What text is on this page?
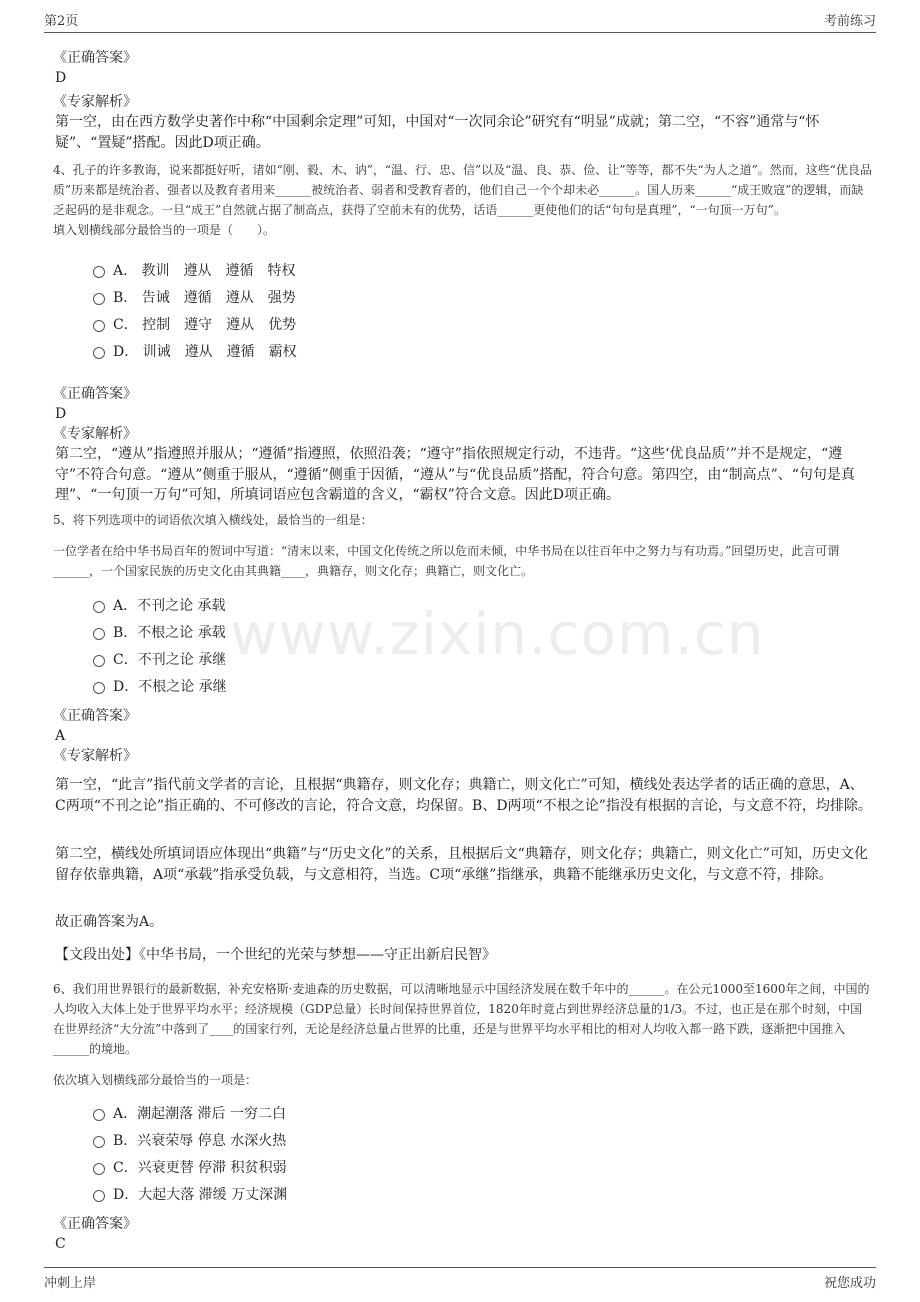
第2页	考前练习
www.zixin.com.cn
《正确答案》
D
《专家解析》
第一空，由在西方数学史著作中称“中国剩余定理”可知，中国对“一次同余论”研究有“明显”成就；第二空，“不容”通常与“怀疑”、“置疑”搭配。因此D项正确。
4、孔子的许多教诲，说来都挺好听，诸如“刚、毅、木、讷”，“温、行、忠、信”以及“温、良、恭、俭、让”等等，都不失“为人之道”。然而，这些“优良品质”历来都是统治者、强者以及教育者用来______被统治者、弱者和受教育者的，他们自己一个个却未必______。国人历来______“成王败寇”的逻辑，而缺乏起码的是非观念。一旦“成王”自然就占据了制高点，获得了空前未有的优势，话语______更使他们的话“句句是真理”，“一句顶一万句”。
填入划横线部分最恰当的一项是（　　）。
A． 教训　遵从　遵循　特权
B． 告诫　遵循　遵从　强势
C． 控制　遵守　遵从　优势
D． 训诫　遵从　遵循　霸权
《正确答案》
D
《专家解析》
第二空，“遵从”指遵照并服从；“遵循”指遵照，依照沿袭；“遵守”指依照规定行动，不违背。“这些‘优良品质’”并不是规定，“遵守”不符合句意。“遵从”侧重于服从，“遵循”侧重于因循，“遵从”与“优良品质”搭配，符合句意。第四空，由“制高点”、“句句是真理”、“一句顶一万句”可知，所填词语应包含霸道的含义，“霸权”符合文意。因此D项正确。
5、将下列选项中的词语依次填入横线处，最恰当的一组是：
一位学者在给中华书局百年的贺词中写道：“清末以来，中国文化传统之所以危而未倾，中华书局在以往百年中之努力与有功焉。”回望历史，此言可谓______，一个国家民族的历史文化由其典籍____，典籍存，则文化存；典籍亡，则文化亡。
A．不刊之论 承载
B．不根之论 承载
C．不刊之论 承继
D．不根之论 承继
《正确答案》
A
《专家解析》
第一空，“此言”指代前文学者的言论，且根据“典籍存，则文化存；典籍亡，则文化亡”可知，横线处表达学者的话正确的意思，A、C两项“不刊之论”指正确的、不可修改的言论，符合文意，均保留。B、D两项“不根之论”指没有根据的言论，与文意不符，均排除。
第二空，横线处所填词语应体现出“典籍”与“历史文化”的关系，且根据后文“典籍存，则文化存；典籍亡，则文化亡”可知，历史文化留存依靠典籍，A项“承载”指承受负载，与文意相符，当选。C项“承继”指继承，典籍不能继承历史文化，与文意不符，排除。
故正确答案为A。
【文段出处】《中华书局，一个世纪的光荣与梦想——守正出新启民智》
6、我们用世界银行的最新数据，补充安格斯·麦迪森的历史数据，可以清晰地显示中国经济发展在数千年中的______。在公元1000至1600年之间，中国的人均收入大体上处于世界平均水平；经济规模（GDP总量）长时间保持世界首位，1820年时竟占到世界经济总量的1/3。不过，也正是在那个时刻，中国在世界经济“大分流”中落到了____的国家行列，无论是经济总量占世界的比重，还是与世界平均水平相比的相对人均收入都一路下跌，逐渐把中国推入______的境地。
依次填入划横线部分最恰当的一项是：
A．潮起潮落 滞后 一穷二白
B．兴衰荣辱 停息 水深火热
C．兴衰更替 停滞 积贫积弱
D．大起大落 滞缓 万丈深渊
《正确答案》
C
冲刺上岸	祝您成功
